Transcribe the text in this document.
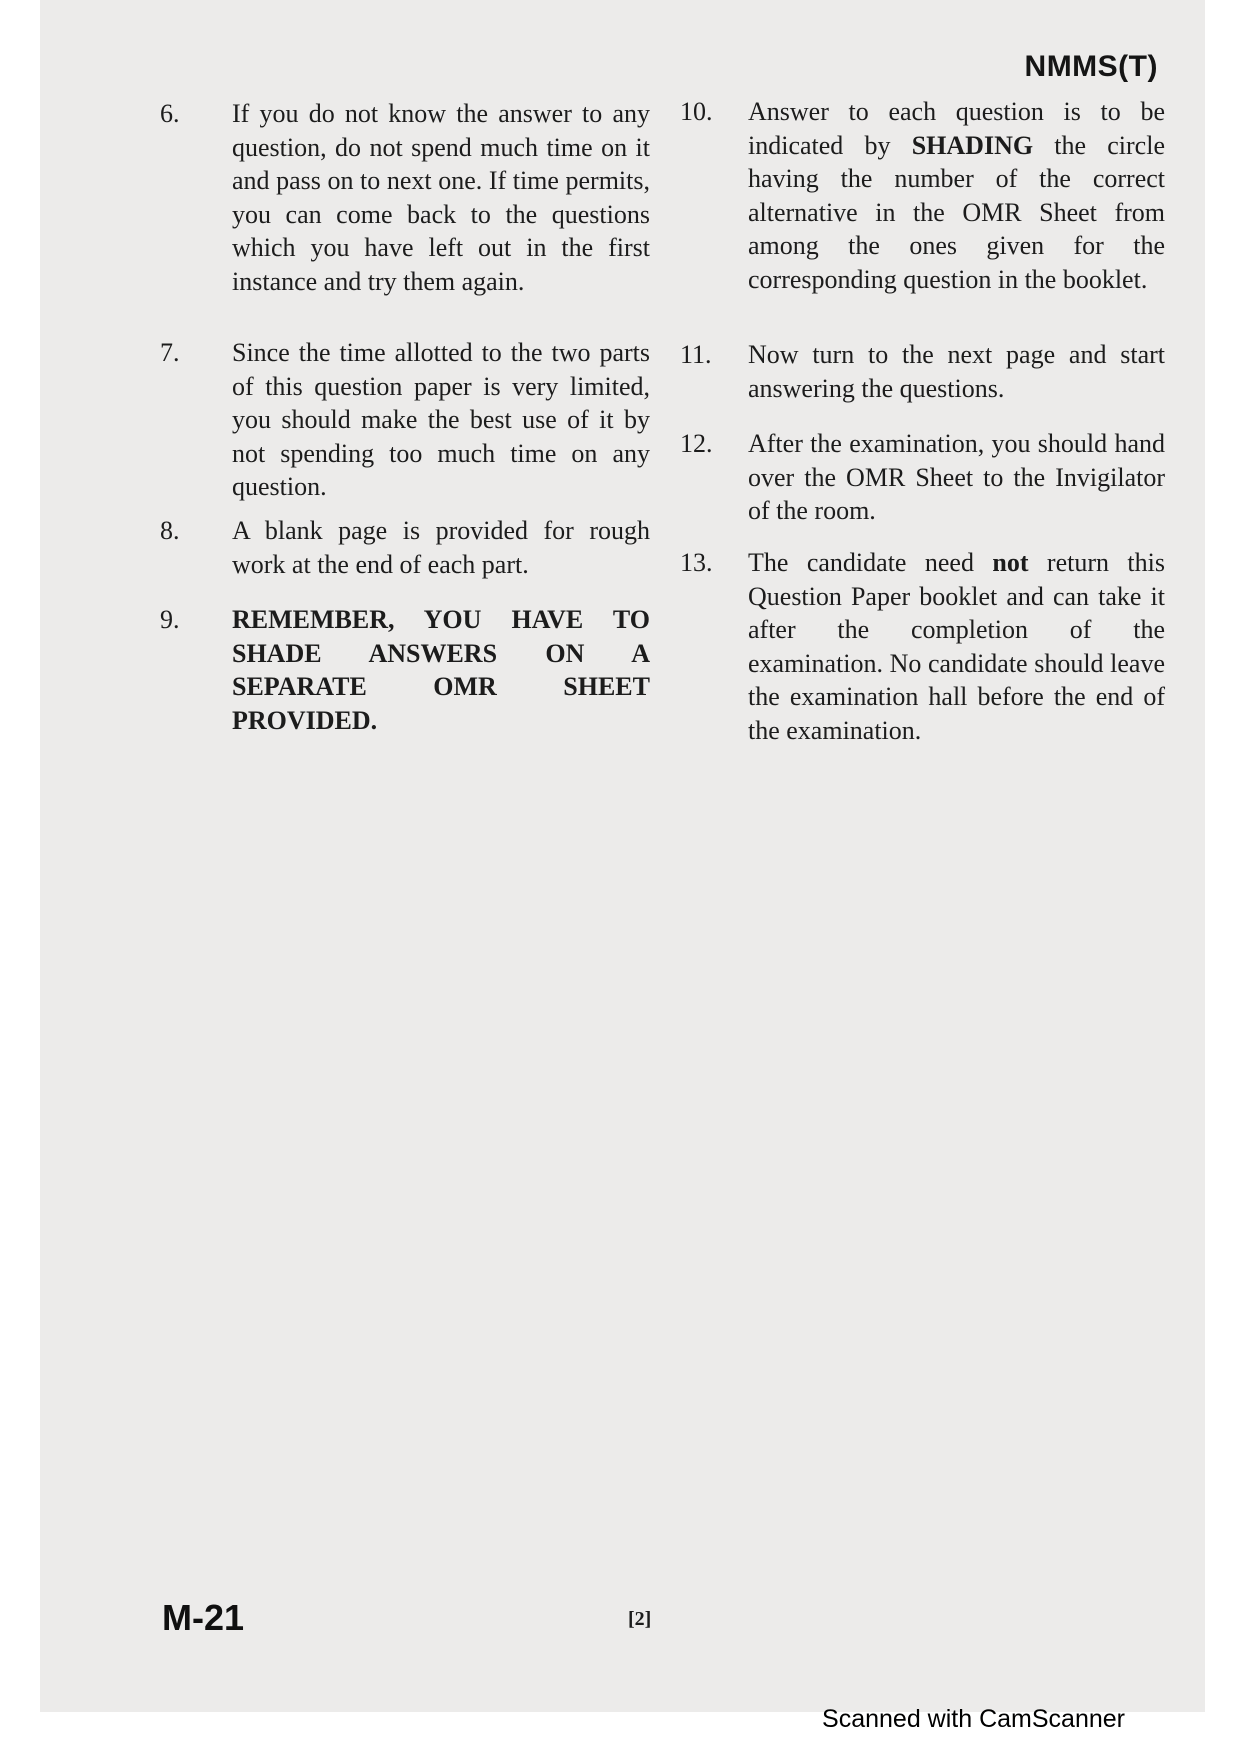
NMMS(T)
6.	If you do not know the answer to any question, do not spend much time on it and pass on to next one. If time permits, you can come back to the questions which you have left out in the first instance and try them again.
7.	Since the time allotted to the two parts of this question paper is very limited, you should make the best use of it by not spending too much time on any question.
8.	A blank page is provided for rough work at the end of each part.
9.	REMEMBER, YOU HAVE TO SHADE ANSWERS ON A SEPARATE OMR SHEET PROVIDED.
10.	Answer to each question is to be indicated by SHADING the circle having the number of the correct alternative in the OMR Sheet from among the ones given for the corresponding question in the booklet.
11.	Now turn to the next page and start answering the questions.
12.	After the examination, you should hand over the OMR Sheet to the Invigilator of the room.
13.	The candidate need not return this Question Paper booklet and can take it after the completion of the examination. No candidate should leave the examination hall before the end of the examination.
M-21	[2]
Scanned with CamScanner
